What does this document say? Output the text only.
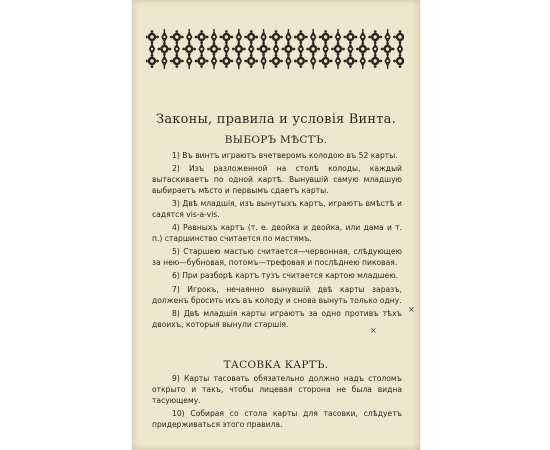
Законы, правила и условiя Винта.
ВЫБОРЪ МѢСТЪ.

1) Въ винтъ играютъ вчетверомъ колодою въ 52 карты.

2) Изъ разложенной на столѣ колоды, каждый вытаскиваетъ по одной картѣ. Вынувшiй самую младшую выбираетъ мѣсто и первымъ сдаетъ карты.

3) Двѣ младшiя, изъ вынутыхъ картъ, играютъ вмѣстѣ и садятся vis-a-vis.

4) Равныхъ картъ (т. е. двойка и двойка, или дама и т. п.) старшинство считается по мастямъ.

5) Старшею мастью считается—червонная, слѣдующею за нею—бубновая, потомъ—трефовая и послѣднею пиковая.

6) При разборѣ картъ тузъ считается картою младшею.

7) Игрокъ, нечаянно вынувшiй двѣ карты заразъ, долженъ бросить ихъ въ колоду и снова вынуть только одну.

8) Двѣ младшiя карты играютъ за одно противъ тѣхъ двоихъ, которыя вынули старшiя.

ТАСОВКА КАРТЪ.

9) Карты тасовать обязательно должно надъ столомъ открыто и такъ, чтобы лицевая сторона не была видна тасующему.

10) Собирая со стола карты для тасовки, слѣдуетъ придерживаться этого правила.

×
×
